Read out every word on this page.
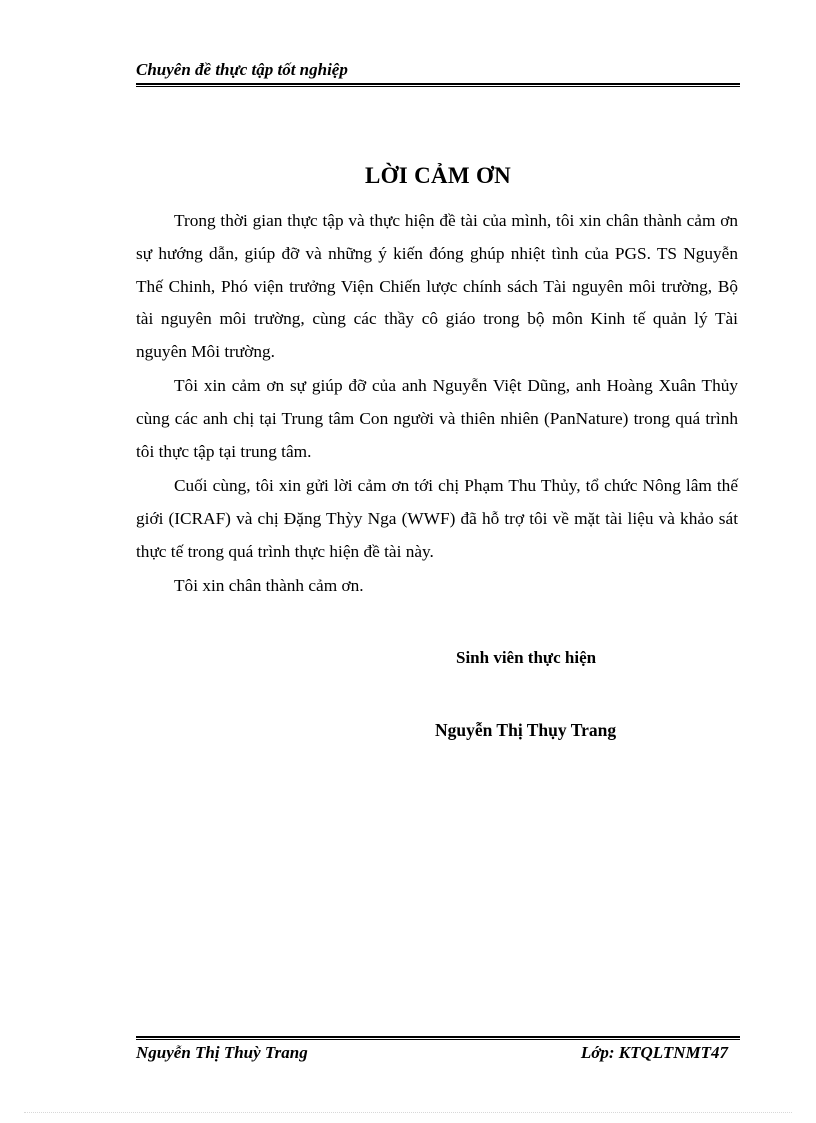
Chuyên đề thực tập tốt nghiệp
LỜI CẢM ƠN

Trong thời gian thực tập và thực hiện đề tài của mình, tôi xin chân thành cảm ơn sự hướng dẫn, giúp đỡ và những ý kiến đóng ghúp nhiệt tình của PGS. TS Nguyễn Thế Chinh, Phó viện trưởng Viện Chiến lược chính sách Tài nguyên môi trường, Bộ tài nguyên môi trường, cùng các thầy cô giáo trong bộ môn Kinh tế quản lý Tài nguyên Môi trường.

Tôi xin cảm ơn sự giúp đỡ của anh Nguyễn Việt Dũng, anh Hoàng Xuân Thủy cùng các anh chị tại Trung tâm Con người và thiên nhiên (PanNature) trong quá trình tôi thực tập tại trung tâm.

Cuối cùng, tôi xin gửi lời cảm ơn tới chị Phạm Thu Thủy, tổ chức Nông lâm thế giới (ICRAF) và chị Đặng Thỳy Nga (WWF) đã hỗ trợ tôi về mặt tài liệu và khảo sát thực tế trong quá trình thực hiện đề tài này.

Tôi xin chân thành cảm ơn.

Sinh viên thực hiện
Nguyễn Thị Thụy Trang
Nguyễn Thị Thuỳ Trang	Lớp: KTQLTNMT47
